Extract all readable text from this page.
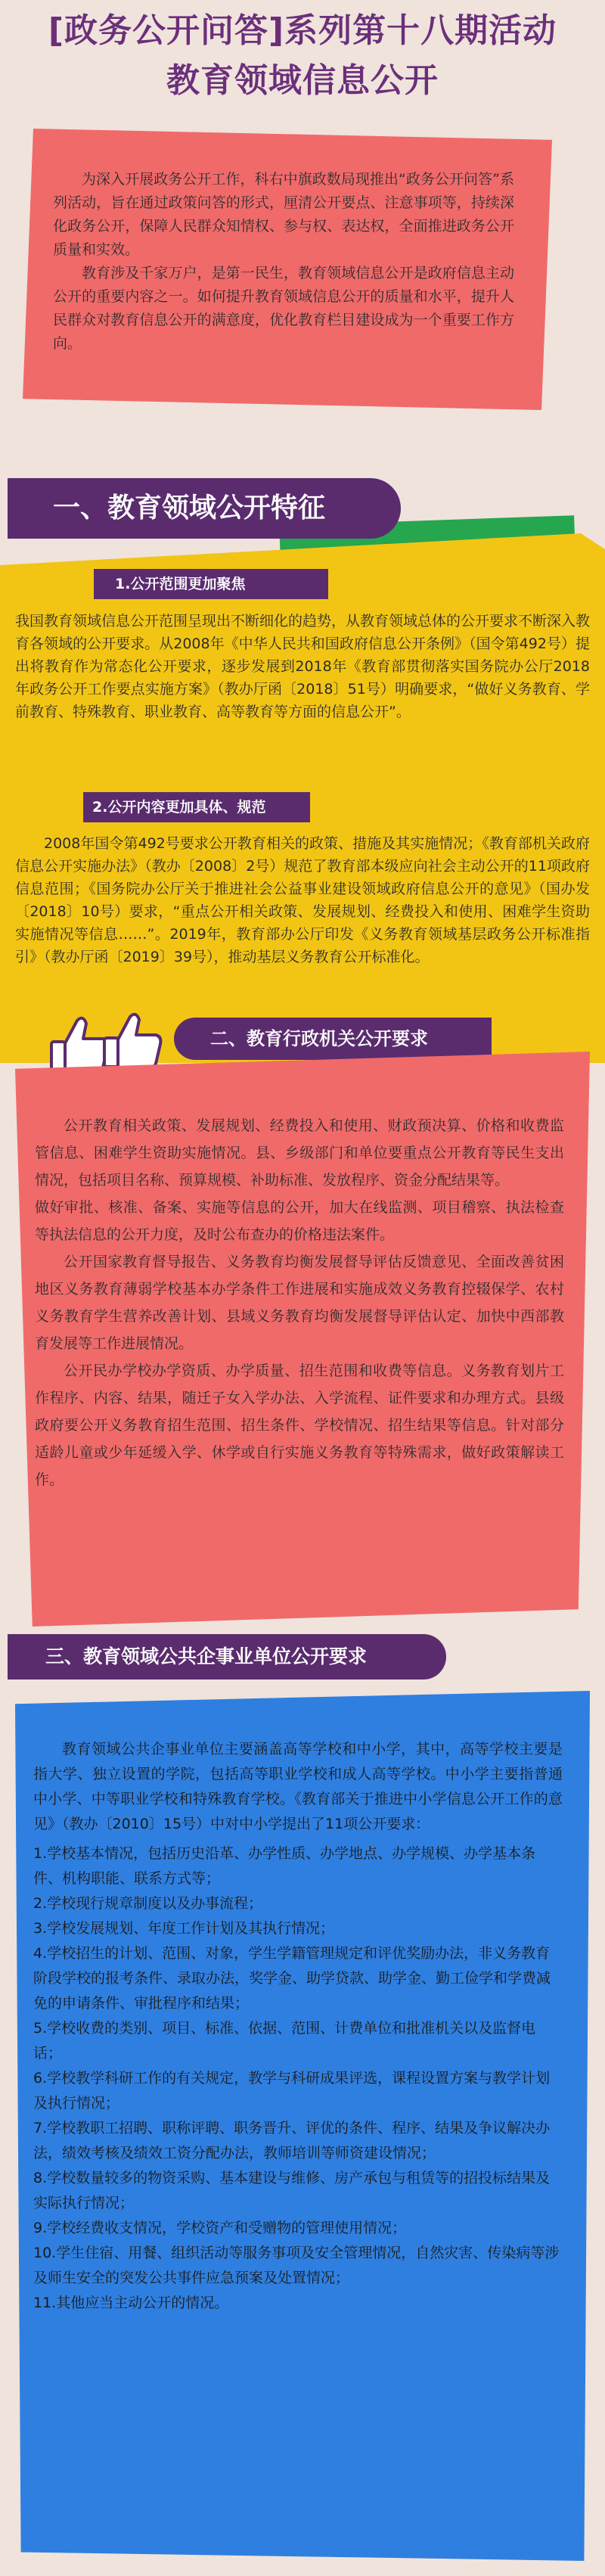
[政务公开问答]系列第十八期活动
教育领域信息公开

为深入开展政务公开工作，科右中旗政数局现推出“政务公开问答”系列活动，旨在通过政策问答的形式，厘清公开要点、注意事项等，持续深化政务公开，保障人民群众知情权、参与权、表达权，全面推进政务公开质量和实效。

教育涉及千家万户，是第一民生，教育领域信息公开是政府信息主动公开的重要内容之一。如何提升教育领域信息公开的质量和水平，提升人民群众对教育信息公开的满意度，优化教育栏目建设成为一个重要工作方向。

一、教育领域公开特征
1.公开范围更加聚焦

我国教育领域信息公开范围呈现出不断细化的趋势，从教育领域总体的公开要求不断深入教育各领域的公开要求。从2008年《中华人民共和国政府信息公开条例》（国令第492号）提出将教育作为常态化公开要求，逐步发展到2018年《教育部贯彻落实国务院办公厅2018年政务公开工作要点实施方案》（教办厅函〔2018〕51号）明确要求，“做好义务教育、学前教育、特殊教育、职业教育、高等教育等方面的信息公开”。

2.公开内容更加具体、规范

2008年国令第492号要求公开教育相关的政策、措施及其实施情况；《教育部机关政府信息公开实施办法》（教办〔2008〕2号）规范了教育部本级应向社会主动公开的11项政府信息范围；《国务院办公厅关于推进社会公益事业建设领域政府信息公开的意见》（国办发〔2018〕10号）要求，“重点公开相关政策、发展规划、经费投入和使用、困难学生资助实施情况等信息……”。2019年，教育部办公厅印发《义务教育领域基层政务公开标准指引》（教办厅函〔2019〕39号），推动基层义务教育公开标准化。

二、教育行政机关公开要求

公开教育相关政策、发展规划、经费投入和使用、财政预决算、价格和收费监管信息、困难学生资助实施情况。县、乡级部门和单位要重点公开教育等民生支出情况，包括项目名称、预算规模、补助标准、发放程序、资金分配结果等。

做好审批、核准、备案、实施等信息的公开，加大在线监测、项目稽察、执法检查等执法信息的公开力度，及时公布查办的价格违法案件。

公开国家教育督导报告、义务教育均衡发展督导评估反馈意见、全面改善贫困地区义务教育薄弱学校基本办学条件工作进展和实施成效义务教育控辍保学、农村义务教育学生营养改善计划、县域义务教育均衡发展督导评估认定、加快中西部教育发展等工作进展情况。

公开民办学校办学资质、办学质量、招生范围和收费等信息。义务教育划片工作程序、内容、结果，随迁子女入学办法、入学流程、证件要求和办理方式。县级政府要公开义务教育招生范围、招生条件、学校情况、招生结果等信息。针对部分适龄儿童或少年延缓入学、休学或自行实施义务教育等特殊需求，做好政策解读工作。

三、教育领域公共企事业单位公开要求

教育领域公共企事业单位主要涵盖高等学校和中小学，其中，高等学校主要是指大学、独立设置的学院，包括高等职业学校和成人高等学校。中小学主要指普通中小学、中等职业学校和特殊教育学校。《教育部关于推进中小学信息公开工作的意见》（教办〔2010〕15号）中对中小学提出了11项公开要求：

1.学校基本情况，包括历史沿革、办学性质、办学地点、办学规模、办学基本条件、机构职能、联系方式等；

2.学校现行规章制度以及办事流程；

3.学校发展规划、年度工作计划及其执行情况；

4.学校招生的计划、范围、对象，学生学籍管理规定和评优奖励办法，非义务教育阶段学校的报考条件、录取办法，奖学金、助学贷款、助学金、勤工俭学和学费减免的申请条件、审批程序和结果；

5.学校收费的类别、项目、标准、依据、范围、计费单位和批准机关以及监督电话；

6.学校教学科研工作的有关规定，教学与科研成果评选，课程设置方案与教学计划及执行情况；

7.学校教职工招聘、职称评聘、职务晋升、评优的条件、程序、结果及争议解决办法，绩效考核及绩效工资分配办法，教师培训等师资建设情况；

8.学校数量较多的物资采购、基本建设与维修、房产承包与租赁等的招投标结果及实际执行情况；

9.学校经费收支情况，学校资产和受赠物的管理使用情况；

10.学生住宿、用餐、组织活动等服务事项及安全管理情况，自然灾害、传染病等涉及师生安全的突发公共事件应急预案及处置情况；

11.其他应当主动公开的情况。
